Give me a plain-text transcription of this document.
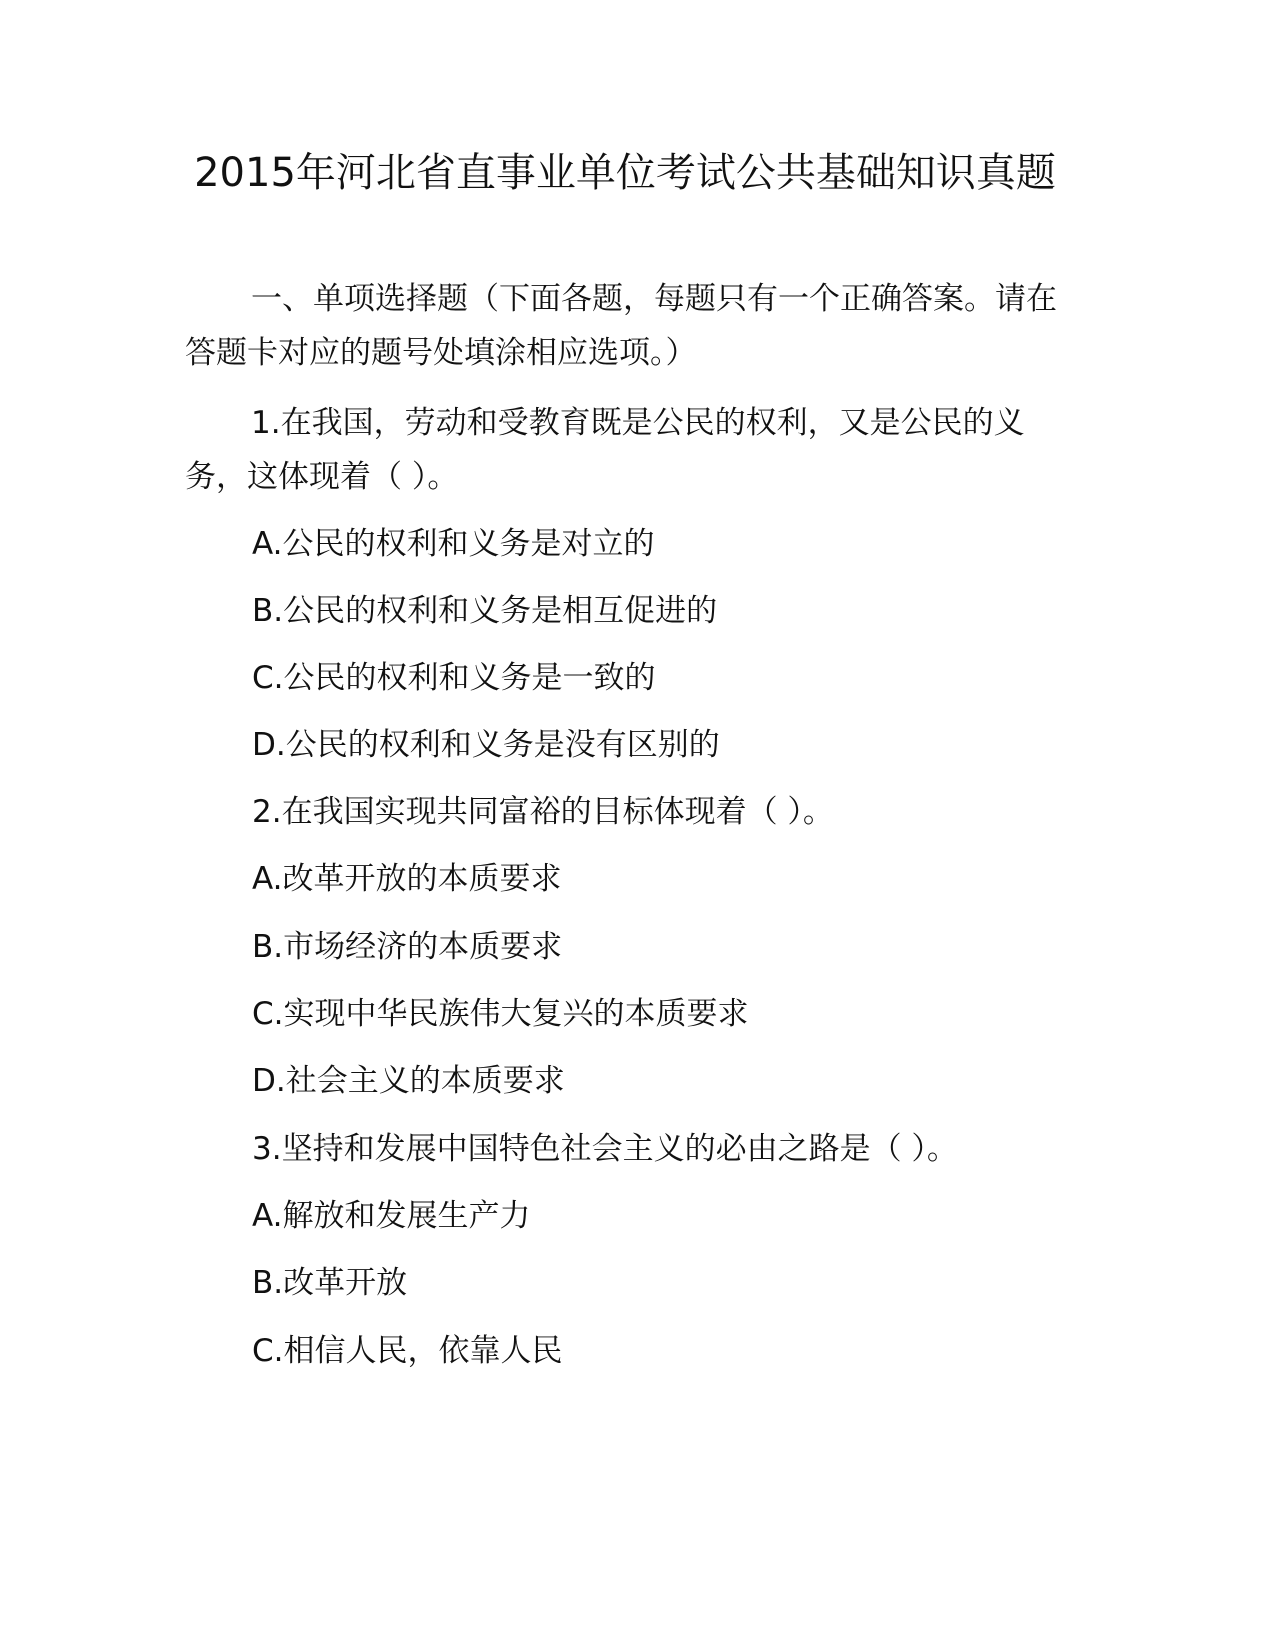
2015年河北省直事业单位考试公共基础知识真题

一、单项选择题（下面各题，每题只有一个正确答案。请在答题卡对应的题号处填涂相应选项。）

1.在我国，劳动和受教育既是公民的权利，又是公民的义务，这体现着（ ）。

A.公民的权利和义务是对立的

B.公民的权利和义务是相互促进的

C.公民的权利和义务是一致的

D.公民的权利和义务是没有区别的

2.在我国实现共同富裕的目标体现着（ ）。

A.改革开放的本质要求

B.市场经济的本质要求

C.实现中华民族伟大复兴的本质要求

D.社会主义的本质要求

3.坚持和发展中国特色社会主义的必由之路是（ ）。

A.解放和发展生产力

B.改革开放

C.相信人民，依靠人民
